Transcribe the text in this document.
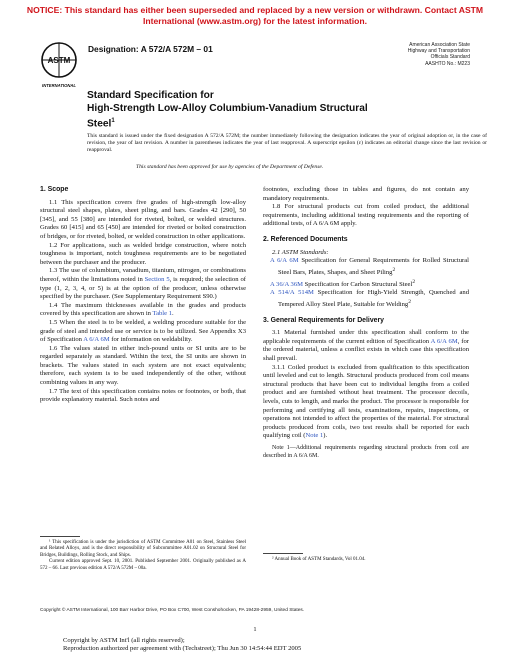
NOTICE: This standard has either been superseded and replaced by a new version or withdrawn. Contact ASTM
International (www.astm.org) for the latest information.
ASTM
INTERNATIONAL
Designation: A 572/A 572M – 01	American Association State
Highway and Transportation
Officials Standard
AASHTO No.: M223
Standard Specification for
High-Strength Low-Alloy Columbium-Vanadium Structural
Steel$^1$
This standard is issued under the fixed designation A 572/A 572M; the number immediately following the designation indicates the year of original adoption or, in the case of revision, the year of last revision. A number in parentheses indicates the year of last reapproval. A superscript epsilon (ε) indicates an editorial change since the last revision or reapproval.
This standard has been approved for use by agencies of the Department of Defense.
1. Scope

1.1 This specification covers five grades of high-strength low-alloy structural steel shapes, plates, sheet piling, and bars. Grades 42 [290], 50 [345], and 55 [380] are intended for riveted, bolted, or welded structures. Grades 60 [415] and 65 [450] are intended for riveted or bolted construction of bridges, or for riveted, bolted, or welded construction in other applications.

1.2 For applications, such as welded bridge construction, where notch toughness is important, notch toughness requirements are to be negotiated between the purchaser and the producer.

1.3 The use of columbium, vanadium, titanium, nitrogen, or combinations thereof, within the limitations noted in Section 5, is required; the selection of type (1, 2, 3, 4, or 5) is at the option of the producer, unless otherwise specified by the purchaser. (See Supplementary Requirement S90.)

1.4 The maximum thicknesses available in the grades and products covered by this specification are shown in Table 1.

1.5 When the steel is to be welded, a welding procedure suitable for the grade of steel and intended use or service is to be utilized. See Appendix X3 of Specification A 6/A 6M for information on weldability.

1.6 The values stated in either inch-pound units or SI units are to be regarded separately as standard. Within the text, the SI units are shown in brackets. The values stated in each system are not exact equivalents; therefore, each system is to be used independently of the other, without combining values in any way.

1.7 The text of this specification contains notes or footnotes, or both, that provide explanatory material. Such notes and

¹ This specification is under the jurisdiction of ASTM Committee A01 on Steel, Stainless Steel and Related Alloys, and is the direct responsibility of Subcommittee A01.02 on Structural Steel for Bridges, Buildings, Rolling Stock, and Ships.
Current edition approved Sept. 10, 2001. Published September 2001. Originally published as A 572 – 66. Last previous edition A 572/A 572M – 00a.

footnotes, excluding those in tables and figures, do not contain any mandatory requirements.

1.8 For structural products cut from coiled product, the additional requirements, including additional testing requirements and the reporting of additional tests, of A 6/A 6M apply.

2. Referenced Documents

2.1 ASTM Standards:

A 6/A 6M Specification for General Requirements for Rolled Structural Steel Bars, Plates, Shapes, and Sheet Piling$^2$

A 36/A 36M Specification for Carbon Structural Steel$^2$

A 514/A 514M Specification for High-Yield Strength, Quenched and Tempered Alloy Steel Plate, Suitable for Welding$^2$

3. General Requirements for Delivery

3.1 Material furnished under this specification shall conform to the applicable requirements of the current edition of Specification A 6/A 6M, for the ordered material, unless a conflict exists in which case this specification shall prevail.

3.1.1 Coiled product is excluded from qualification to this specification until leveled and cut to length. Structural products produced from coil means structural products that have been cut to individual lengths from a coiled product and are furnished without heat treatment. The processor decoils, levels, cuts to length, and marks the product. The processor is responsible for performing and certifying all tests, examinations, repairs, inspections, or operations not intended to affect the properties of the material. For structural products produced from coils, two test results shall be reported for each qualifying coil (Note 1).

Note 1—Additional requirements regarding structural products from coil are described in A 6/A 6M.

² Annual Book of ASTM Standards, Vol 01.04.
Copyright © ASTM International, 100 Barr Harbor Drive, PO Box C700, West Conshohocken, PA 19428-2959, United States.
1
Copyright by ASTM Int'l (all rights reserved);
Reproduction authorized per agreement with (Techstreet); Thu Jun 30 14:54:44 EDT 2005
